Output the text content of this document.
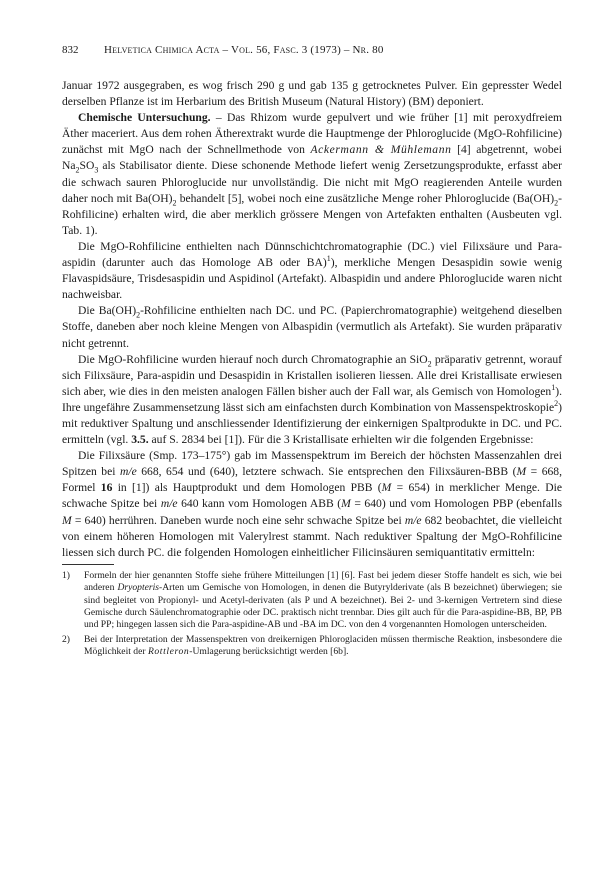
832	Helvetica Chimica Acta – Vol. 56, Fasc. 3 (1973) – Nr. 80

Januar 1972 ausgegraben, es wog frisch 290 g und gab 135 g getrocknetes Pulver. Ein gepresster Wedel derselben Pflanze ist im Herbarium des British Museum (Natural History) (BM) deponiert.

Chemische Untersuchung. – Das Rhizom wurde gepulvert und wie früher [1] mit peroxydfreiem Äther maceriert. Aus dem rohen Ätherextrakt wurde die Hauptmenge der Phloroglucide (MgO-Rohfilicine) zunächst mit MgO nach der Schnellmethode von Ackermann & Mühlemann [4] abgetrennt, wobei $Na_2SO_3$ als Stabilisator diente. Diese schonende Methode liefert wenig Zersetzungsprodukte, erfasst aber die schwach sauren Phloroglucide nur unvollständig. Die nicht mit MgO reagierenden Anteile wurden daher noch mit $Ba(OH)_2$ behandelt [5], wobei noch eine zusätzliche Menge roher Phloroglucide $(Ba(OH)_2-Rohfilicine)$ erhalten wird, die aber merklich grössere Mengen von Artefakten enthalten (Ausbeuten vgl. Tab. 1).

Die MgO-Rohfilicine enthielten nach Dünnschichtchromatographie (DC.) viel Filixsäure und Para-aspidin (darunter auch das Homologe AB oder BA)$^1$), merkliche Mengen Desaspidin sowie wenig Flavaspidsäure, Trisdesaspidin und Aspidinol (Artefakt). Albaspidin und andere Phloroglucide waren nicht nachweisbar.

Die $Ba(OH)_2$-Rohfilicine enthielten nach DC. und PC. (Papierchromatographie) weitgehend dieselben Stoffe, daneben aber noch kleine Mengen von Albaspidin (vermutlich als Artefakt). Sie wurden präparativ nicht getrennt.

Die MgO-Rohfilicine wurden hierauf noch durch Chromatographie an SiO$_2$ präparativ getrennt, worauf sich Filixsäure, Para-aspidin und Desaspidin in Kristallen isolieren liessen. Alle drei Kristallisate erwiesen sich aber, wie dies in den meisten analogen Fällen bisher auch der Fall war, als Gemisch von Homologen$^1$). Ihre ungefähre Zusammensetzung lässt sich am einfachsten durch Kombination von Massenspektroskopie$^2$) mit reduktiver Spaltung und anschliessender Identifizierung der einkernigen Spaltprodukte in DC. und PC. ermitteln (vgl. 3.5. auf S. 2834 bei [1]). Für die 3 Kristallisate erhielten wir die folgenden Ergebnisse:

Die Filixsäure (Smp. 173–175°) gab im Massenspektrum im Bereich der höchsten Massenzahlen drei Spitzen bei m/e 668, 654 und (640), letztere schwach. Sie entsprechen den Filixsäuren-BBB (M = 668, Formel 16 in [1]) als Hauptprodukt und dem Homologen PBB (M = 654) in merklicher Menge. Die schwache Spitze bei m/e 640 kann vom Homologen ABB (M = 640) und vom Homologen PBP (ebenfalls M = 640) herrühren. Daneben wurde noch eine sehr schwache Spitze bei m/e 682 beobachtet, die vielleicht von einem höheren Homologen mit Valerylrest stammt. Nach reduktiver Spaltung der MgO-Rohfilicine liessen sich durch PC. die folgenden Homologen einheitlicher Filicinsäuren semiquantitativ ermitteln:

1)	Formeln der hier genannten Stoffe siehe frühere Mitteilungen [1] [6]. Fast bei jedem dieser Stoffe handelt es sich, wie bei anderen Dryopteris-Arten um Gemische von Homologen, in denen die Butyrylderivate (als B bezeichnet) überwiegen; sie sind begleitet von Propionyl- und Acetyl-derivaten (als P und A bezeichnet). Bei 2- und 3-kernigen Vertretern sind diese Gemische durch Säulenchromatographie oder DC. praktisch nicht trennbar. Dies gilt auch für die Para-aspidine-BB, BP, PB und PP; hingegen lassen sich die Para-aspidine-AB und -BA im DC. von den 4 vorgenannten Homologen unterscheiden.
2)	Bei der Interpretation der Massenspektren von dreikernigen Phloroglaciden müssen thermische Reaktion, insbesondere die Möglichkeit der Rottleron-Umlagerung berücksichtigt werden [6b].
